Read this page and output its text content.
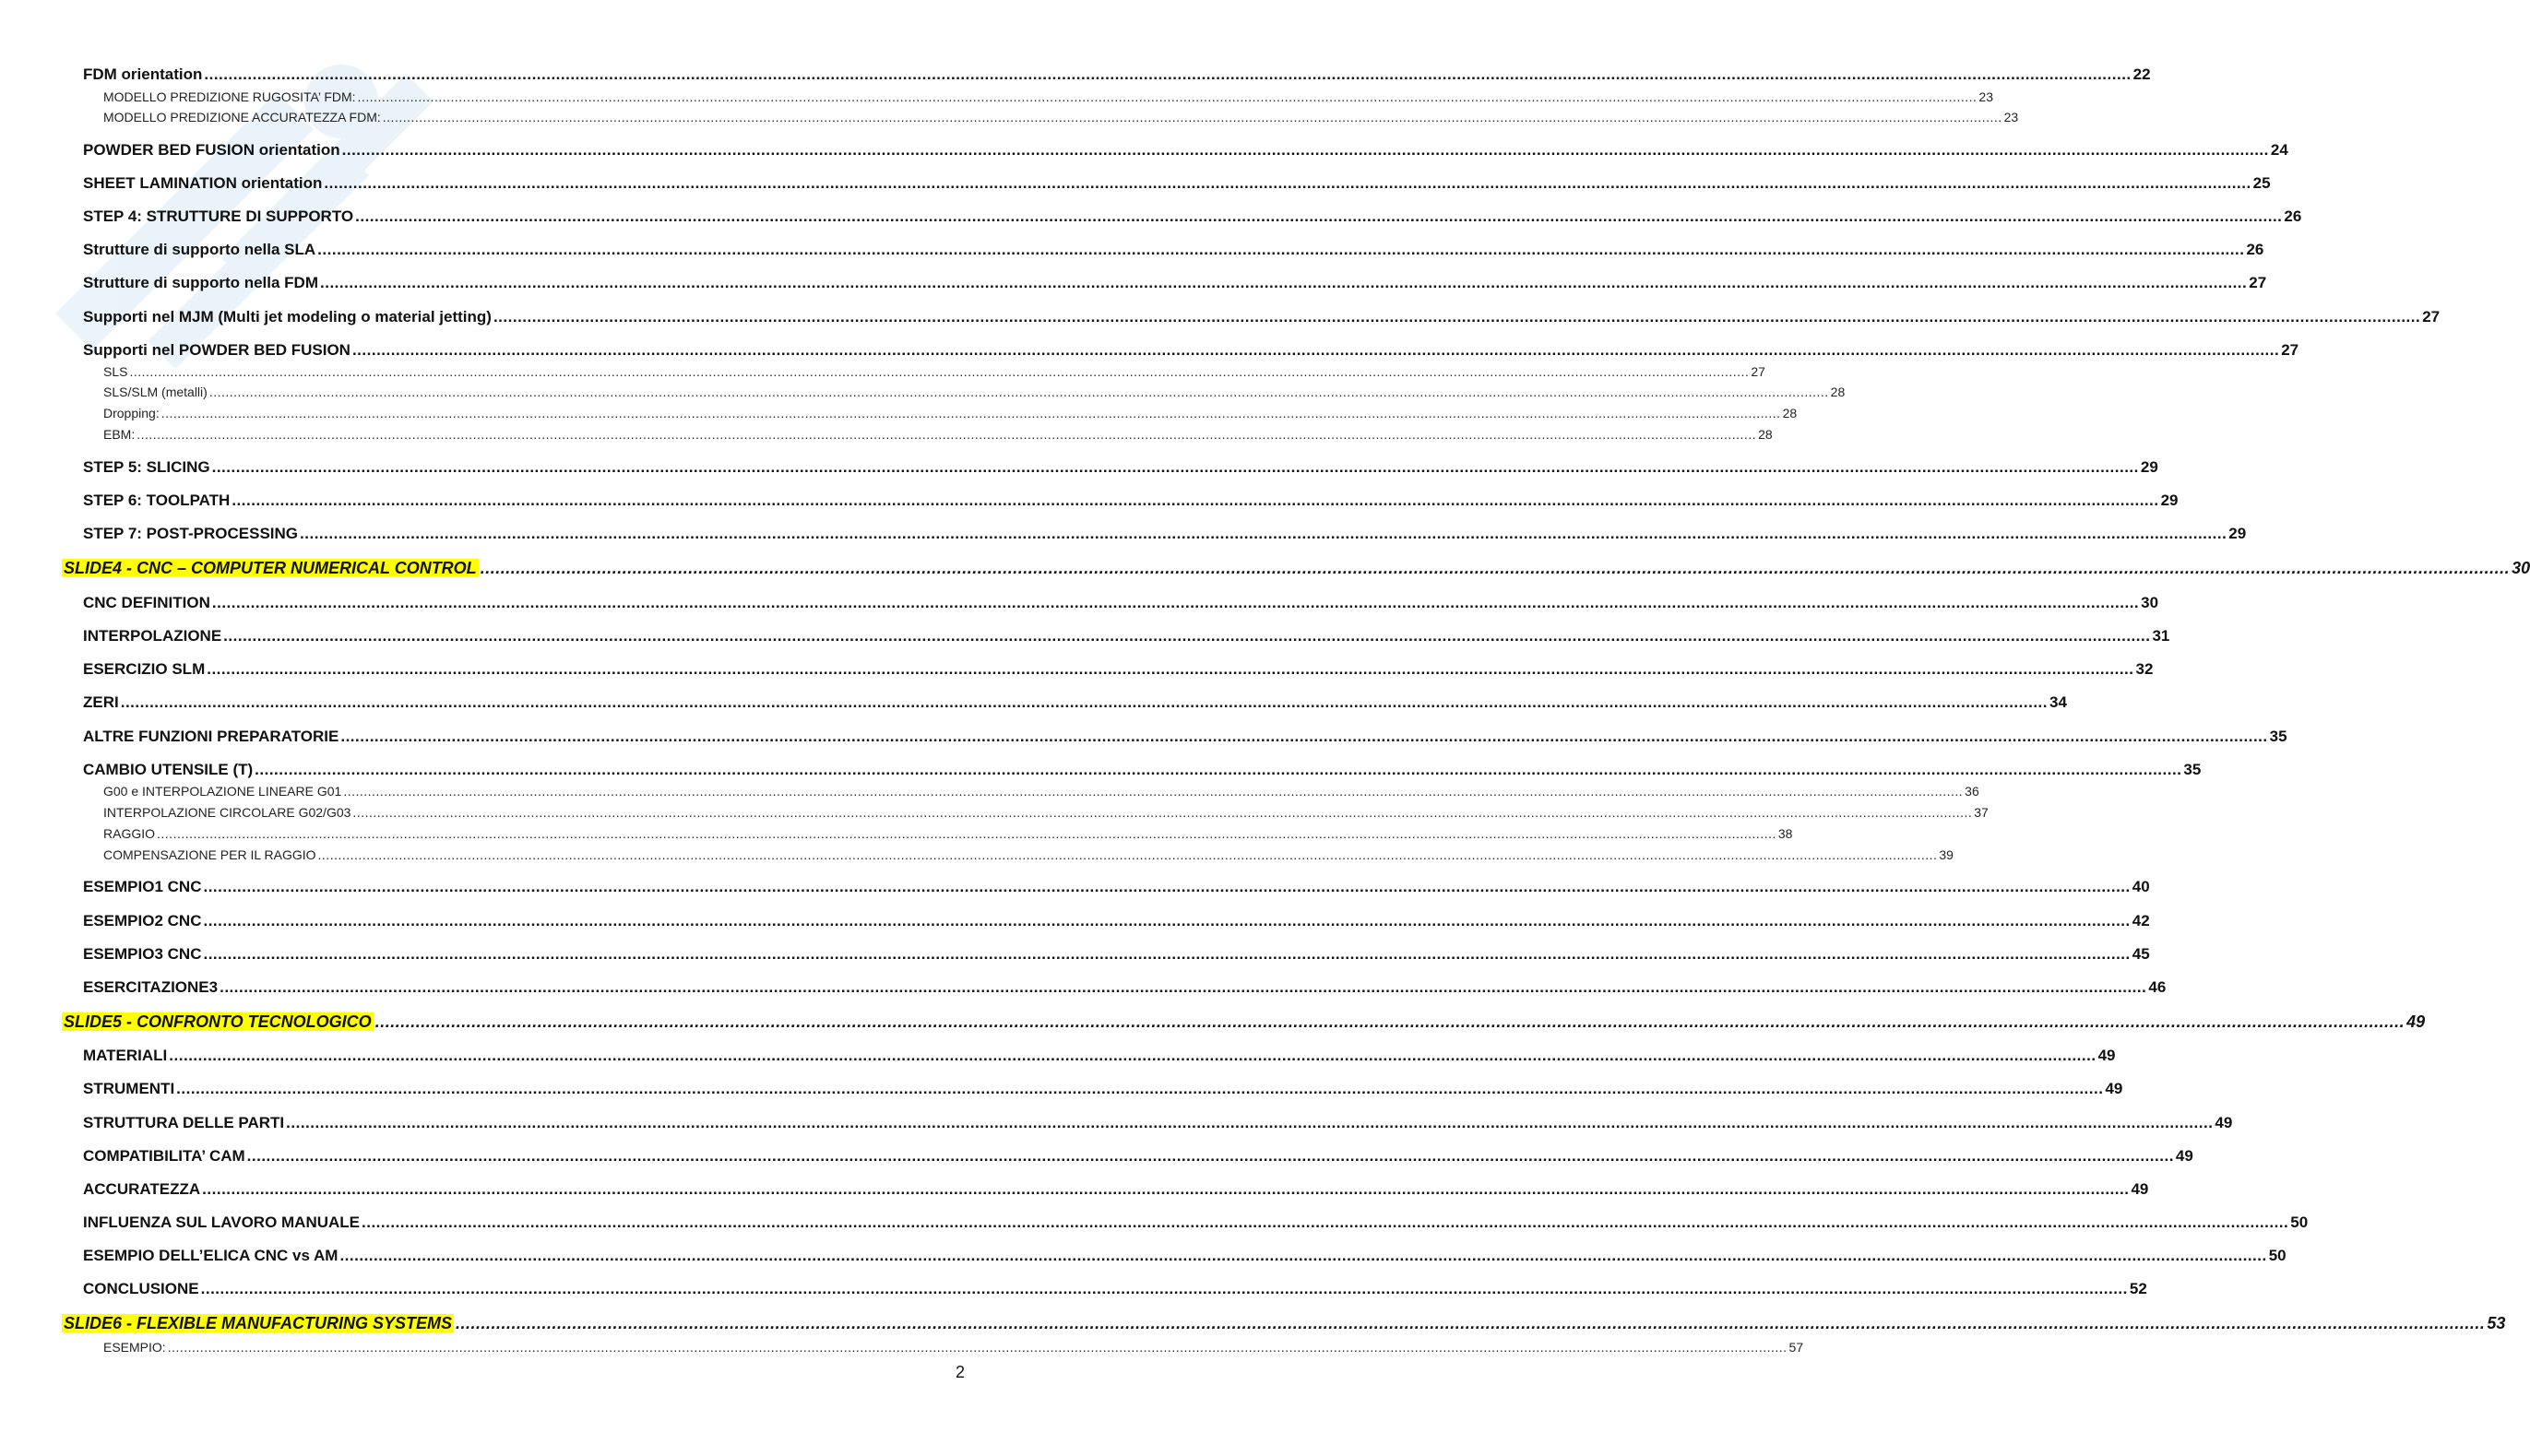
FDM orientation ................................................................................................................................................................................................................................................................................................................................................................................................................ 22
MODELLO PREDIZIONE RUGOSITA’ FDM: ................................................................................................................................................................................................................................................................................................................................................................................................................ 23
MODELLO PREDIZIONE ACCURATEZZA FDM: ................................................................................................................................................................................................................................................................................................................................................................................................................ 23
POWDER BED FUSION orientation ................................................................................................................................................................................................................................................................................................................................................................................................................ 24
SHEET LAMINATION orientation ................................................................................................................................................................................................................................................................................................................................................................................................................ 25
STEP 4: STRUTTURE DI SUPPORTO ................................................................................................................................................................................................................................................................................................................................................................................................................ 26
Strutture di supporto nella SLA ................................................................................................................................................................................................................................................................................................................................................................................................................ 26
Strutture di supporto nella FDM ................................................................................................................................................................................................................................................................................................................................................................................................................ 27
Supporti nel MJM (Multi jet modeling o material jetting) ................................................................................................................................................................................................................................................................................................................................................................................................................ 27
Supporti nel POWDER BED FUSION ................................................................................................................................................................................................................................................................................................................................................................................................................ 27
SLS ................................................................................................................................................................................................................................................................................................................................................................................................................ 27
SLS/SLM (metalli) ................................................................................................................................................................................................................................................................................................................................................................................................................ 28
Dropping: ................................................................................................................................................................................................................................................................................................................................................................................................................ 28
EBM: ................................................................................................................................................................................................................................................................................................................................................................................................................ 28
STEP 5: SLICING ................................................................................................................................................................................................................................................................................................................................................................................................................ 29
STEP 6: TOOLPATH ................................................................................................................................................................................................................................................................................................................................................................................................................ 29
STEP 7: POST-PROCESSING ................................................................................................................................................................................................................................................................................................................................................................................................................ 29
SLIDE4 - CNC – COMPUTER NUMERICAL CONTROL ................................................................................................................................................................................................................................................................................................................................................................................................................ 30
CNC DEFINITION ................................................................................................................................................................................................................................................................................................................................................................................................................ 30
INTERPOLAZIONE ................................................................................................................................................................................................................................................................................................................................................................................................................ 31
ESERCIZIO SLM ................................................................................................................................................................................................................................................................................................................................................................................................................ 32
ZERI ................................................................................................................................................................................................................................................................................................................................................................................................................ 34
ALTRE FUNZIONI PREPARATORIE ................................................................................................................................................................................................................................................................................................................................................................................................................ 35
CAMBIO UTENSILE (T) ................................................................................................................................................................................................................................................................................................................................................................................................................ 35
G00 e INTERPOLAZIONE LINEARE G01 ................................................................................................................................................................................................................................................................................................................................................................................................................ 36
INTERPOLAZIONE CIRCOLARE G02/G03 ................................................................................................................................................................................................................................................................................................................................................................................................................ 37
RAGGIO ................................................................................................................................................................................................................................................................................................................................................................................................................ 38
COMPENSAZIONE PER IL RAGGIO ................................................................................................................................................................................................................................................................................................................................................................................................................ 39
ESEMPIO1 CNC ................................................................................................................................................................................................................................................................................................................................................................................................................ 40
ESEMPIO2 CNC ................................................................................................................................................................................................................................................................................................................................................................................................................ 42
ESEMPIO3 CNC ................................................................................................................................................................................................................................................................................................................................................................................................................ 45
ESERCITAZIONE3 ................................................................................................................................................................................................................................................................................................................................................................................................................ 46
SLIDE5 - CONFRONTO TECNOLOGICO ................................................................................................................................................................................................................................................................................................................................................................................................................ 49
MATERIALI ................................................................................................................................................................................................................................................................................................................................................................................................................ 49
STRUMENTI ................................................................................................................................................................................................................................................................................................................................................................................................................ 49
STRUTTURA DELLE PARTI ................................................................................................................................................................................................................................................................................................................................................................................................................ 49
COMPATIBILITA’ CAM ................................................................................................................................................................................................................................................................................................................................................................................................................ 49
ACCURATEZZA ................................................................................................................................................................................................................................................................................................................................................................................................................ 49
INFLUENZA SUL LAVORO MANUALE ................................................................................................................................................................................................................................................................................................................................................................................................................ 50
ESEMPIO DELL’ELICA CNC vs AM ................................................................................................................................................................................................................................................................................................................................................................................................................ 50
CONCLUSIONE ................................................................................................................................................................................................................................................................................................................................................................................................................ 52
SLIDE6 - FLEXIBLE MANUFACTURING SYSTEMS ................................................................................................................................................................................................................................................................................................................................................................................................................ 53
ESEMPIO: ................................................................................................................................................................................................................................................................................................................................................................................................................ 57
2
